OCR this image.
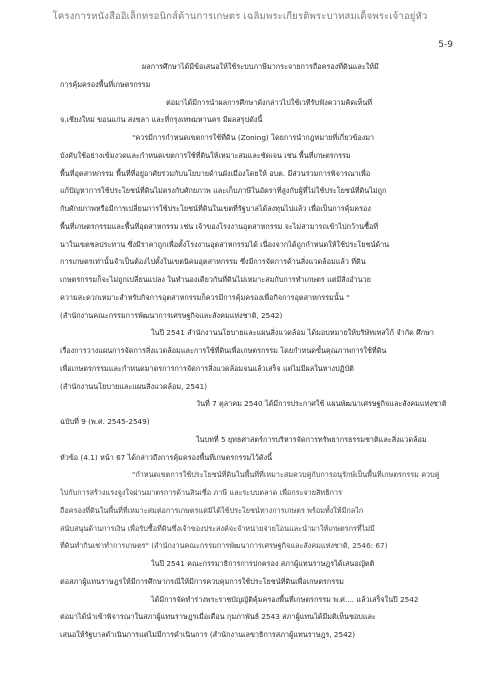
โครงการหนังสืออิเล็กทรอนิกส์ด้านการเกษตร เฉลิมพระเกียรติพระบาทสมเด็จพระเจ้าอยู่หัว
5-9

ผลการศึกษาได้มีข้อเสนอให้ใช้ระบบภาษีมากระจายการถือครองที่ดินและให้มี

การคุ้มครองพื้นที่เกษตรกรรม

ต่อมาได้มีการนำผลการศึกษาดังกล่าวไปใช้เวทีรับฟังความคิดเห็นที่

จ.เชียงใหม่ ขอนแก่น สงขลา และที่กรุงเทพมหานคร มีผลสรุปดังนี้

"ควรมีการกำหนดเขตการใช้ที่ดิน (Zoning) โดยการนำกฎหมายที่เกี่ยวข้องมา

บังคับใช้อย่างเข้มงวดและกำหนดเขตการใช้ที่ดินให้เหมาะสมและชัดเจน เช่น พื้นที่เกษตรกรรม

พื้นที่อุตสาหกรรม พื้นที่ที่อยู่อาศัยร่วมกับนโยบายด้านผังเมืองโดยให้ อบต. มีส่วนร่วมการพิจารณาเพื่อ

แก้ปัญหาการใช้ประโยชน์ที่ดินไม่ตรงกับศักยภาพ และเก็บภาษีในอัตราที่สูงกับผู้ที่ไม่ใช้ประโยชน์ที่ดินไม่ถูก

กับศักยภาพหรือมีการเปลี่ยนการใช้ประโยชน์ที่ดินในเขตที่รัฐบาลได้ลงทุนไปแล้ว เพื่อเป็นการคุ้มครอง

พื้นที่เกษตรกรรมและพื้นที่อุตสาหกรรม เช่น เจ้าของโรงงานอุตสาหกรรม จะไม่สามารถเข้าไปกว้านซื้อที่

นาในเขตชลประทาน ซึ่งมีราคาถูกเพื่อตั้งโรงงานอุตสาหกรรมได้ เนื่องจากได้ถูกกำหนดให้ใช้ประโยชน์ด้าน

การเกษตรเท่านั้นจำเป็นต้องไปตั้งในเขตนิคมอุตสาหกรรม ซึ่งมีการจัดการด้านสิ่งแวดล้อมแล้ว ที่ดิน

เกษตรกรรมก็จะไม่ถูกเปลี่ยนแปลง ในทำนองเดียวกันที่ดินไม่เหมาะสมกับการทำเกษตร แต่มีสิ่งอำนวย

ความสะดวกเหมาะสำหรับกิจการอุตสาหกรรมก็ควรมีการคุ้มครองเพื่อกิจการอุตสาหกรรมนั้น "

(สำนักงานคณะกรรมการพัฒนาการเศรษฐกิจและสังคมแห่งชาติ, 2542)

ในปี 2541 สำนักงานนโยบายและแผนสิ่งแวดล้อม ได้มอบหมายให้บริษัทเทสโก้ จำกัด ศึกษา

เรื่องการวางแผนการจัดการสิ่งแวดล้อมและการใช้ที่ดินเพื่อเกษตรกรรม โดยกำหนดขั้นคุณภาพการใช้ที่ดิน

เพื่อเกษตรกรรมและกำหนดมาตรการการจัดการสิ่งแวดล้อมจนแล้วเสร็จ แต่ไม่มีผลในทางปฏิบัติ

(สำนักงานนโยบายและแผนสิ่งแวดล้อม, 2541)

วันที่ 7 ตุลาคม 2540 ได้มีการประกาศใช้ แผนพัฒนาเศรษฐกิจและสังคมแห่งชาติ

ฉบับที่ 9 (พ.ศ. 2545-2549)

ในบทที่ 5 ยุทธศาสตร์การบริหารจัดการทรัพยากรธรรมชาติและสิ่งแวดล้อม

หัวข้อ (4.1) หน้า 67 ได้กล่าวถึงการคุ้มครองพื้นที่เกษตรกรรมไว้ดังนี้

"กำหนดเขตการใช้ประโยชน์ที่ดินในพื้นที่ที่เหมาะสมควบคู่กับการอนุรักษ์เป็นพื้นที่เกษตรกรรม ควบคู่

ไปกับการสร้างแรงจูงใจผ่านมาตรการด้านสินเชื่อ ภาษี และระบบตลาด เพื่อกระจายสิทธิการ

ถือครองที่ดินในพื้นที่ที่เหมาะสมต่อการเกษตรแต่มิได้ใช้ประโยชน์ทางการเกษตร พร้อมทั้งให้มีกลไก

สนับสนุนด้านการเงิน เพื่อรับซื้อที่ดินซึ่งเจ้าของประสงค์จะจำหน่ายจ่ายโอนและนำมาให้เกษตรกรที่ไม่มี

ที่ดินทำกินเช่าทำการเกษตร" (สำนักงานคณะกรรมการพัฒนาการเศรษฐกิจและสังคมแห่งชาติ, 2546: 67)

ในปี 2541 คณะกรรมาธิการการปกครอง สภาผู้แทนราษฎรได้เสนอญัตติ

ต่อสภาผู้แทนราษฎรให้มีการศึกษากรณีให้มีการควบคุมการใช้ประโยชน์ที่ดินเพื่อเกษตรกรรม

ได้มีการจัดทำร่างพระราชบัญญัติคุ้มครองพื้นที่เกษตรกรรม พ.ศ.... แล้วเสร็จในปี 2542

ต่อมาได้นำเข้าพิจารณาในสภาผู้แทนราษฎรเมื่อเดือน กุมภาพันธ์ 2543 สภาผู้แทนได้มีมติเห็นชอบและ

เสนอให้รัฐบาลดำเนินการแต่ไม่มีการดำเนินการ (สำนักงานเลขาธิการสภาผู้แทนราษฎร, 2542)
